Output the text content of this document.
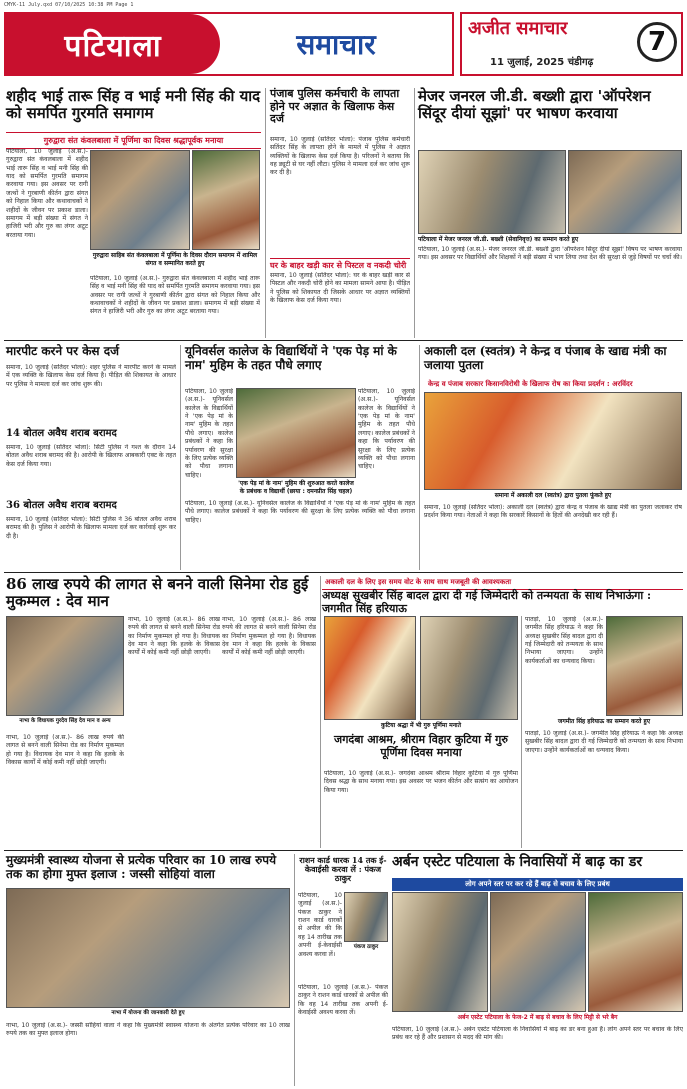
CMYK-11 July.qxd 07/10/2025 10:38 PM Page 1
पटियाला	समाचार	अजीत समाचार
11 जुलाई, 2025 चंडीगढ़
7
शहीद भाई तारू सिंह व भाई मनी सिंह की याद को समर्पित गुरमति समागम
गुरुद्वारा संत कंवलबाला में पूर्णिमा का दिवस श्रद्धापूर्वक मनाया
पटियाला, 10 जुलाई (अ.स.)- गुरुद्वारा संत कंवलबाला में शहीद भाई तारू सिंह व भाई मनी सिंह की याद को समर्पित गुरमति समागम करवाया गया। इस अवसर पर रागी जत्थों ने गुरबाणी कीर्तन द्वारा संगत को निहाल किया और कथावाचकों ने शहीदों के जीवन पर प्रकाश डाला। समागम में बड़ी संख्या में संगत ने हाजिरी भरी और गुरु का लंगर अटूट बरताया गया।
गुरुद्वारा साहिब संत कंवलबाला में पूर्णिमा के दिवस दौरान समागम में शामिल संगत व सम्मानित करते हुए
पटियाला, 10 जुलाई (अ.स.)- गुरुद्वारा संत कंवलबाला में शहीद भाई तारू सिंह व भाई मनी सिंह की याद को समर्पित गुरमति समागम करवाया गया। इस अवसर पर रागी जत्थों ने गुरबाणी कीर्तन द्वारा संगत को निहाल किया और कथावाचकों ने शहीदों के जीवन पर प्रकाश डाला। समागम में बड़ी संख्या में संगत ने हाजिरी भरी और गुरु का लंगर अटूट बरताया गया।
पंजाब पुलिस कर्मचारी के लापता होने पर अज्ञात के खिलाफ केस दर्ज
समाना, 10 जुलाई (सतिंदर भोला): पंजाब पुलिस कर्मचारी सतिंदर सिंह के लापता होने के मामले में पुलिस ने अज्ञात व्यक्तियों के खिलाफ केस दर्ज किया है। परिजनों ने बताया कि वह ड्यूटी से घर नहीं लौटा। पुलिस ने मामला दर्ज कर जांच शुरू कर दी है।
घर के बाहर खड़ी कार से पिस्टल व नकदी चोरी
समाना, 10 जुलाई (सतिंदर भोला): घर के बाहर खड़ी कार से पिस्टल और नकदी चोरी होने का मामला सामने आया है। पीड़ित ने पुलिस को शिकायत दी जिसके आधार पर अज्ञात व्यक्तियों के खिलाफ केस दर्ज किया गया।
मेजर जनरल जी.डी. बख्शी द्वारा 'ऑपरेशन सिंदूर दीयां सूझां' पर भाषण करवाया
पटियाला में मेजर जनरल जी.डी. बख्शी (सेवानिवृत्त) का सम्मान करते हुए
पटियाला, 10 जुलाई (अ.स.)- मेजर जनरल जी.डी. बख्शी द्वारा 'ऑपरेशन सिंदूर दीयां सूझां' विषय पर भाषण करवाया गया। इस अवसर पर विद्यार्थियों और शिक्षकों ने बड़ी संख्या में भाग लिया तथा देश की सुरक्षा से जुड़े विषयों पर चर्चा की।
मारपीट करने पर केस दर्ज
समाना, 10 जुलाई (सतिंदर भोला): शहर पुलिस ने मारपीट करने के मामले में एक व्यक्ति के खिलाफ केस दर्ज किया है। पीड़ित की शिकायत के आधार पर पुलिस ने मामला दर्ज कर जांच शुरू की।
14 बोतल अवैध शराब बरामद
समाना, 10 जुलाई (सतिंदर भोला): सिटी पुलिस ने गश्त के दौरान 14 बोतल अवैध शराब बरामद की है। आरोपी के खिलाफ आबकारी एक्ट के तहत केस दर्ज किया गया।
36 बोतल अवैध शराब बरामद
समाना, 10 जुलाई (सतिंदर भोला): सिटी पुलिस ने 36 बोतल अवैध शराब बरामद की है। पुलिस ने आरोपी के खिलाफ मामला दर्ज कर कार्रवाई शुरू कर दी है।
यूनिवर्सल कालेज के विद्यार्थियों ने 'एक पेड़ मां के नाम' मुहिम के तहत पौधे लगाए
पटियाला, 10 जुलाई (अ.स.)- यूनिवर्सल कालेज के विद्यार्थियों ने 'एक पेड़ मां के नाम' मुहिम के तहत पौधे लगाए। कालेज प्रबंधकों ने कहा कि पर्यावरण की सुरक्षा के लिए प्रत्येक व्यक्ति को पौधा लगाना चाहिए।
पटियाला, 10 जुलाई (अ.स.)- यूनिवर्सल कालेज के विद्यार्थियों ने 'एक पेड़ मां के नाम' मुहिम के तहत पौधे लगाए। कालेज प्रबंधकों ने कहा कि पर्यावरण की सुरक्षा के लिए प्रत्येक व्यक्ति को पौधा लगाना चाहिए।
'एक पेड़ मां के नाम' मुहिम की शुरुआत करते कालेज के प्रबंधक व विद्यार्थी (छाया : दमनप्रीत सिंह चहल)
पटियाला, 10 जुलाई (अ.स.)- यूनिवर्सल कालेज के विद्यार्थियों ने 'एक पेड़ मां के नाम' मुहिम के तहत पौधे लगाए। कालेज प्रबंधकों ने कहा कि पर्यावरण की सुरक्षा के लिए प्रत्येक व्यक्ति को पौधा लगाना चाहिए।
अकाली दल (स्वतंत्र) ने केन्द्र व पंजाब के खाद्य मंत्री का जलाया पुतला
केन्द्र व पंजाब सरकार किसानविरोधी के खिलाफ रोष का किया प्रदर्शन : अरविंदर
समाना में अकाली दल (स्वतंत्र) द्वारा पुतला फूंकते हुए
समाना, 10 जुलाई (सतिंदर भोला): अकाली दल (स्वतंत्र) द्वारा केन्द्र व पंजाब के खाद्य मंत्री का पुतला जलाकर रोष प्रदर्शन किया गया। नेताओं ने कहा कि सरकारें किसानों के हितों की अनदेखी कर रही हैं।
86 लाख रुपये की लागत से बनने वाली सिनेमा रोड हुई मुकम्मल : देव मान
नाभा के विधायक गुरदेव सिंह देव मान व अन्य
नाभा, 10 जुलाई (अ.स.)- 86 लाख रुपये की लागत से बनने वाली सिनेमा रोड का निर्माण मुकम्मल हो गया है। विधायक देव मान ने कहा कि हलके के विकास कार्यों में कोई कमी नहीं छोड़ी जाएगी।
नाभा, 10 जुलाई (अ.स.)- 86 लाख रुपये की लागत से बनने वाली सिनेमा रोड का निर्माण मुकम्मल हो गया है। विधायक देव मान ने कहा कि हलके के विकास कार्यों में कोई कमी नहीं छोड़ी जाएगी।
नाभा, 10 जुलाई (अ.स.)- 86 लाख रुपये की लागत से बनने वाली सिनेमा रोड का निर्माण मुकम्मल हो गया है। विधायक देव मान ने कहा कि हलके के विकास कार्यों में कोई कमी नहीं छोड़ी जाएगी।
कुटिया श्रद्धा में भी गुरु पूर्णिमा मनाते
जगदंबा आश्रम, श्रीराम विहार कुटिया में गुरु पूर्णिमा दिवस मनाया
पटियाला, 10 जुलाई (अ.स.)- जगदंबा आश्रम श्रीराम विहार कुटिया में गुरु पूर्णिमा दिवस श्रद्धा के साथ मनाया गया। इस अवसर पर भजन कीर्तन और सत्संग का आयोजन किया गया।
अकाली दल के लिए इस समय वोट के साथ साथ मजबूती की आवश्यकता
अध्यक्ष सुखबीर सिंह बादल द्वारा दी गई जिम्मेदारी को तन्मयता के साथ निभाऊंगा : जगमीत सिंह हरियाऊ
पातड़ां, 10 जुलाई (अ.स.)- जगमीत सिंह हरियाऊ ने कहा कि अध्यक्ष सुखबीर सिंह बादल द्वारा दी गई जिम्मेदारी को तन्मयता के साथ निभाया जाएगा। उन्होंने कार्यकर्ताओं का धन्यवाद किया।
जगमीत सिंह हरियाऊ का सम्मान करते हुए
पातड़ां, 10 जुलाई (अ.स.)- जगमीत सिंह हरियाऊ ने कहा कि अध्यक्ष सुखबीर सिंह बादल द्वारा दी गई जिम्मेदारी को तन्मयता के साथ निभाया जाएगा। उन्होंने कार्यकर्ताओं का धन्यवाद किया।
मुख्यमंत्री स्वास्थ्य योजना से प्रत्येक परिवार का 10 लाख रुपये तक का होगा मुफ्त इलाज : जस्सी सोहियां वाला
नाभा में योजना की जानकारी देते हुए
नाभा, 10 जुलाई (अ.स.)- जस्सी सोहियां वाला ने कहा कि मुख्यमंत्री स्वास्थ्य योजना के अंतर्गत प्रत्येक परिवार का 10 लाख रुपये तक का मुफ्त इलाज होगा।
राशन कार्ड धारक 14 तक ई-केवाईसी करवा लें : पंकज ठाकुर
पटियाला, 10 जुलाई (अ.स.)- पंकज ठाकुर ने राशन कार्ड धारकों से अपील की कि वह 14 तारीख तक अपनी ई-केवाईसी अवश्य करवा लें।
पंकज ठाकुर
पटियाला, 10 जुलाई (अ.स.)- पंकज ठाकुर ने राशन कार्ड धारकों से अपील की कि वह 14 तारीख तक अपनी ई-केवाईसी अवश्य करवा लें।
अर्बन एस्टेट पटियाला के निवासियों में बाढ़ का डर
लोग अपने स्तर पर कर रहे हैं बाढ़ से बचाव के लिए प्रबंध
अर्बन एस्टेट पटियाला के फेज-2 में बाढ़ से बचाव के लिए मिट्टी से भरे बैग
पटियाला, 10 जुलाई (अ.स.)- अर्बन एस्टेट पटियाला के निवासियों में बाढ़ का डर बना हुआ है। लोग अपने स्तर पर बचाव के लिए प्रबंध कर रहे हैं और प्रशासन से मदद की मांग की।
